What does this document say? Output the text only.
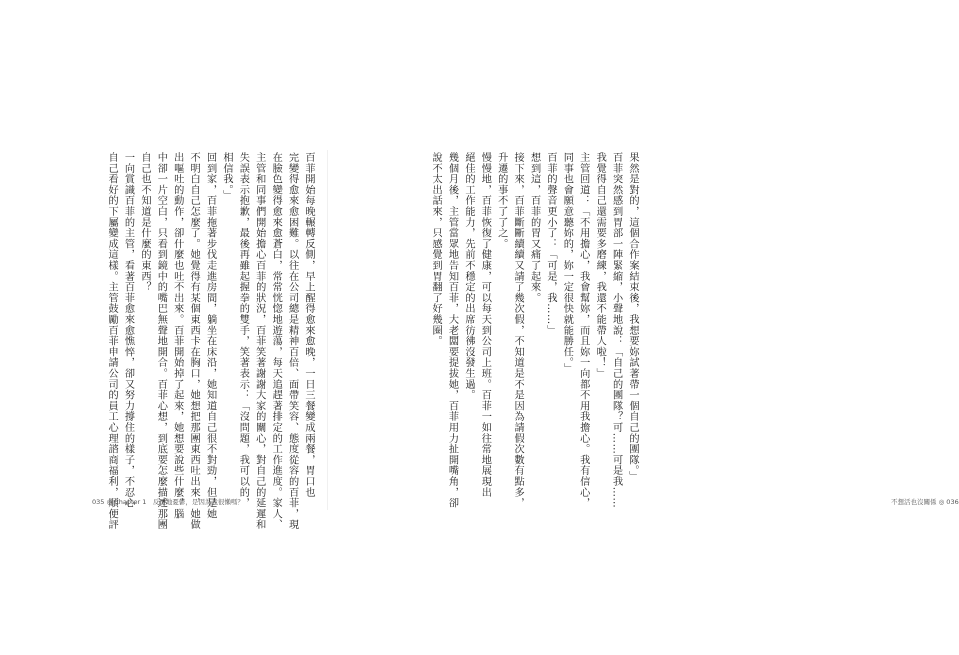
百菲開始每晚輾轉反側，早上醒得愈來愈晚，一日三餐變成兩餐，胃口也

完變得愈來愈困難。以往在公司總是精神百倍、面帶笑容、態度從容的百菲，現

在臉色變得愈來愈蒼白，常常恍惚地遊蕩，每天追趕著排定的工作進度。家人、

主管和同事們開始擔心百菲的狀況，百菲笑著謝謝大家的關心，對自己的延遲和

失誤表示抱歉，最後再雖起握拳的雙手，笑著表示：「沒問題，我可以的，

相信我。」

回到家，百菲拖著步伐走進房間，躺坐在床沿，她知道自己很不對勁，但是她

不明白自己怎麼了。她覺得有某個東西卡在胸口，她想把那團東西吐出來，她做

出嘔吐的動作，卻什麼也吐不出來。百菲開始掉了起來，她想要說些什麼，腦

中卻一片空白，只看到鏡中的嘴巴無聲地開合。百菲心想，到底要怎麼描述那團

自己也不知道是什麼的東西？

一向賞識百菲的主管，看著百菲愈來愈憔悴，卻又努力撐住的樣子，不忍心

自己看好的下屬變成這樣。主管鼓勵百菲申請公司的員工心理諮商福利，順便評

035 ◎ Chapter 1　反覆地憂鬱，是因為我很懶嗎？

果然是對的，這個合作案結束後，我想要妳試著帶一個自己的團隊。」

百菲突然感到胃部一陣緊縮，小聲地說：「自己的團隊？可……可是我……

我覺得自己還需要多磨練，我還不能帶人啦！」

主管回道：「不用擔心，我會幫妳，而且妳一向都不用我擔心。我有信心，

同事也會願意聽妳的，妳一定很快就能勝任。」

百菲的聲音更小了：「可是，我……」

想到這，百菲的胃又痛了起來。

接下來，百菲斷斷續續又請了幾次假，不知道是不是因為請假次數有點多，

升遷的事不了了之。

慢慢地，百菲恢復了健康，可以每天到公司上班。百菲一如往常地展現出

絕佳的工作能力，先前不穩定的出席彷彿沒發生過。

幾個月後，主管當眾地告知百菲，大老闆要提拔她，百菲用力扯開嘴角，卻

說不太出話來，只感覺到胃翻了好幾圈。

不想活也沒關係 ◎ 036
